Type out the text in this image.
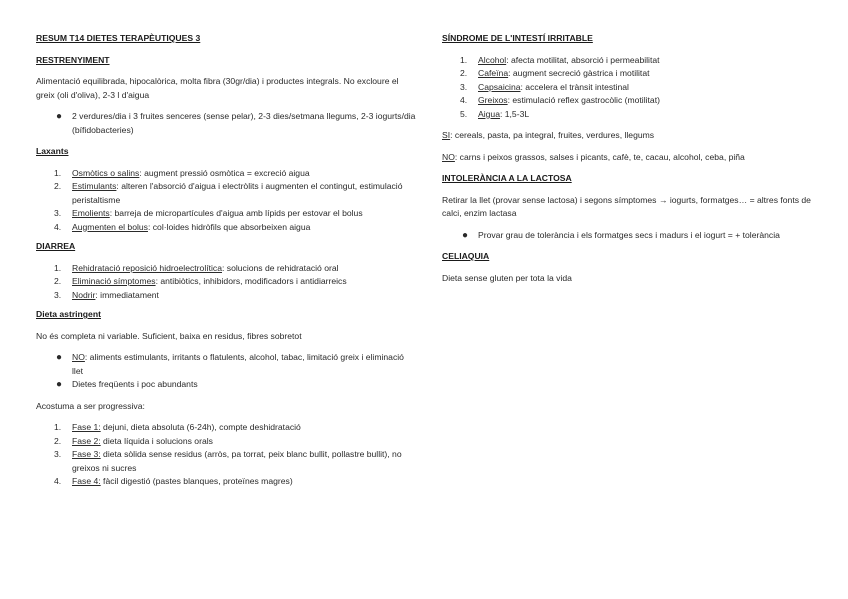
RESUM T14 DIETES TERAPÈUTIQUES 3
RESTRENYIMENT

Alimentació equilibrada, hipocalòrica, molta fibra (30gr/dia) i productes integrals. No excloure el greix (oli d'oliva), 2-3 l d'aigua

● 2 verdures/dia i 3 fruites senceres (sense pelar), 2-3 dies/setmana llegums, 2-3 iogurts/dia (bífidobacteries)
Laxants
1. Osmòtics o salins: augment pressió osmòtica = excreció aigua
2. Estimulants: alteren l'absorció d'aigua i electròlits i augmenten el contingut, estimulació peristaltisme
3. Emolients: barreja de micropartícules d'aigua amb lípids per estovar el bolus
4. Augmenten el bolus: col·loides hidròfils que absorbeixen aigua
DIARREA
1. Rehidratació reposició hidroelectrolítica: solucions de rehidratació oral
2. Eliminació símptomes: antibiòtics, inhibidors, modificadors i antidiarreics
3. Nodrir: immediatament
Dieta astringent

No és completa ni variable. Suficient, baixa en residus, fibres sobretot

● NO: aliments estimulants, irritants o flatulents, alcohol, tabac, limitació greix i eliminació llet
● Dietes freqüents i poc abundants

Acostuma a ser progressiva:

1. Fase 1: dejuni, dieta absoluta (6-24h), compte deshidratació
2. Fase 2: dieta líquida i solucions orals
3. Fase 3: dieta sòlida sense residus (arròs, pa torrat, peix blanc bullit, pollastre bullit), no greixos ni sucres
4. Fase 4: fàcil digestió (pastes blanques, proteïnes magres)
SÍNDROME DE L'INTESTÍ IRRITABLE
1. Alcohol: afecta motilitat, absorció i permeabilitat
2. Cafeïna: augment secreció gàstrica i motilitat
3. Capsaicina: accelera el trànsit intestinal
4. Greixos: estimulació reflex gastrocòlic (motilitat)
5. Aigua: 1,5-3L

SI: cereals, pasta, pa integral, fruites, verdures, llegums

NO: carns i peixos grassos, salses i picants, cafè, te, cacau, alcohol, ceba, piña

INTOLERÀNCIA A LA LACTOSA

Retirar la llet (provar sense lactosa) i segons símptomes → iogurts, formatges… = altres fonts de calci, enzim lactasa

● Provar grau de tolerància i els formatges secs i madurs i el iogurt = + tolerància
CELIAQUIA

Dieta sense gluten per tota la vida
